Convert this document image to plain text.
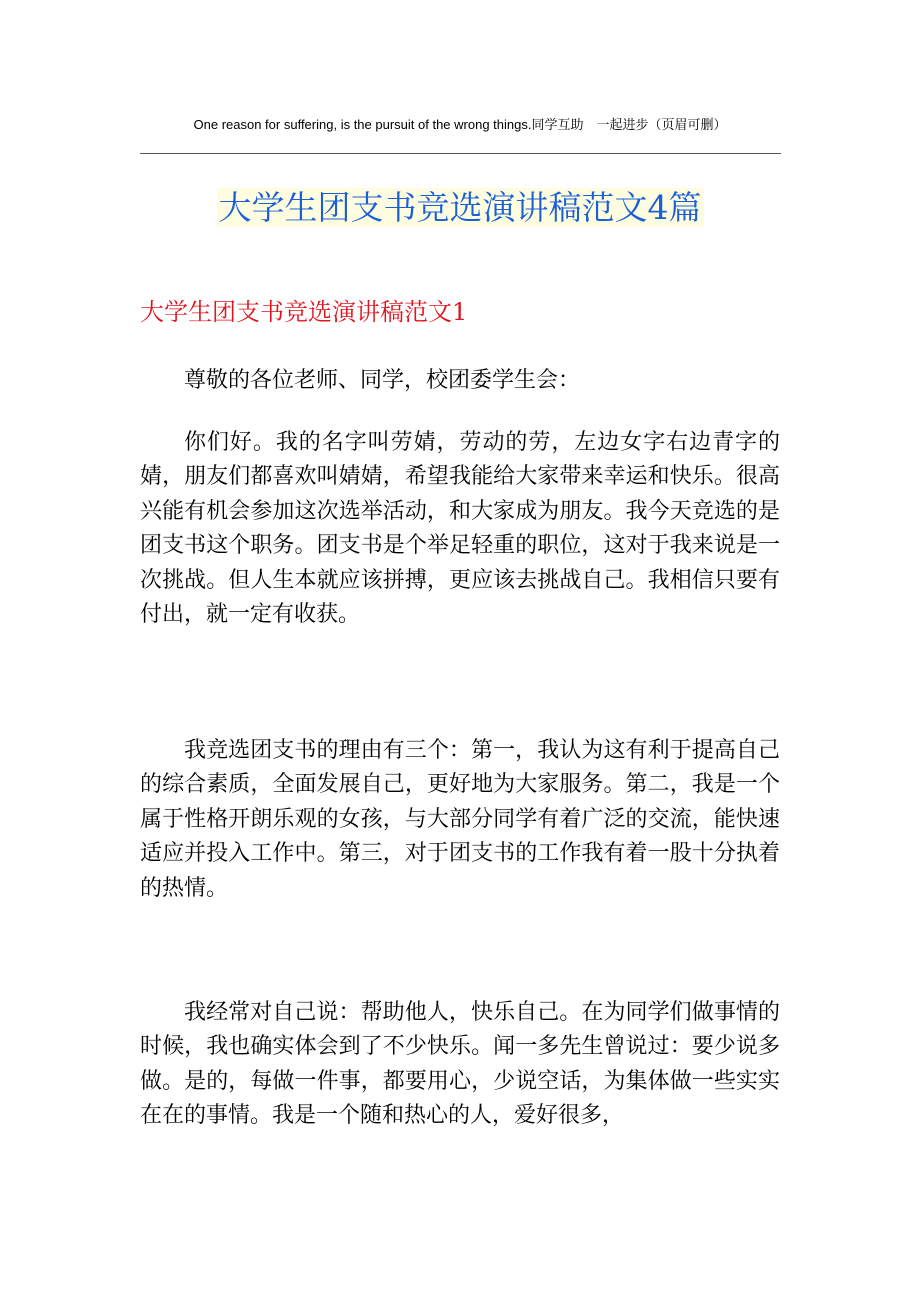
One reason for suffering, is the pursuit of the wrong things.同学互助　一起进步（页眉可删）
大学生团支书竞选演讲稿范文4篇
大学生团支书竞选演讲稿范文1

尊敬的各位老师、同学，校团委学生会：

你们好。我的名字叫劳婧，劳动的劳，左边女字右边青字的婧，朋友们都喜欢叫婧婧，希望我能给大家带来幸运和快乐。很高兴能有机会参加这次选举活动，和大家成为朋友。我今天竞选的是团支书这个职务。团支书是个举足轻重的职位，这对于我来说是一次挑战。但人生本就应该拼搏，更应该去挑战自己。我相信只要有付出，就一定有收获。

我竞选团支书的理由有三个：第一，我认为这有利于提高自己的综合素质，全面发展自己，更好地为大家服务。第二，我是一个属于性格开朗乐观的女孩，与大部分同学有着广泛的交流，能快速适应并投入工作中。第三，对于团支书的工作我有着一股十分执着的热情。

我经常对自己说：帮助他人，快乐自己。在为同学们做事情的时候，我也确实体会到了不少快乐。闻一多先生曾说过：要少说多做。是的，每做一件事，都要用心，少说空话，为集体做一些实实在在的事情。我是一个随和热心的人，爱好很多，
